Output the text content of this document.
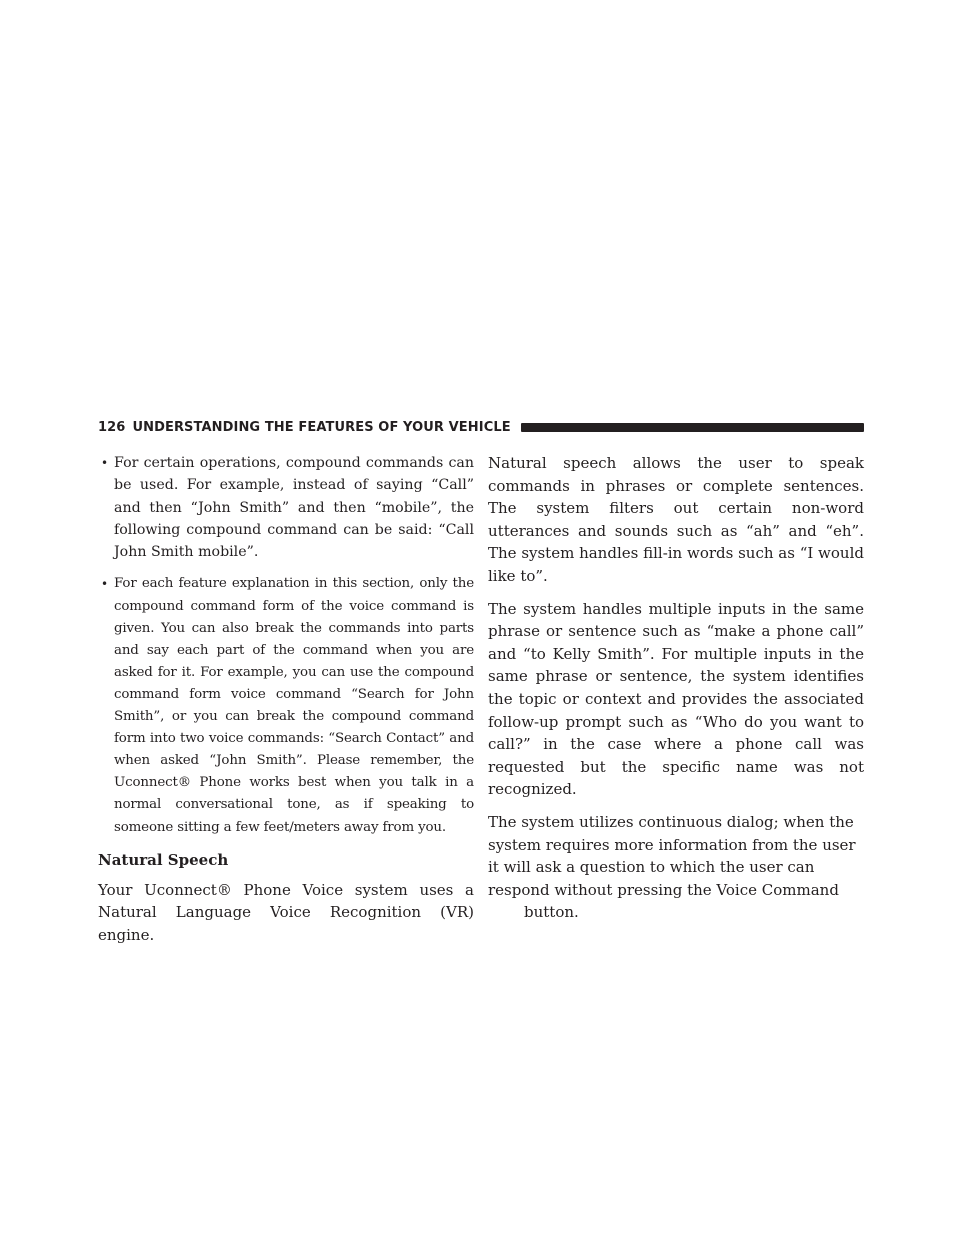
126 UNDERSTANDING THE FEATURES OF YOUR VEHICLE
• For certain operations, compound commands can be used. For example, instead of saying “Call” and then “John Smith” and then “mobile”, the following compound command can be said: “Call John Smith mobile”.
• For each feature explanation in this section, only the compound command form of the voice command is given. You can also break the commands into parts and say each part of the command when you are asked for it. For example, you can use the compound command form voice command “Search for John Smith”, or you can break the compound command form into two voice commands: “Search Contact” and when asked “John Smith”. Please remember, the Uconnect® Phone works best when you talk in a normal conversational tone, as if speaking to someone sitting a few feet/meters away from you.
Natural Speech

Your Uconnect® Phone Voice system uses a Natural Language Voice Recognition (VR) engine.

Natural speech allows the user to speak commands in phrases or complete sentences. The system filters out certain non-word utterances and sounds such as “ah” and “eh”. The system handles fill-in words such as “I would like to”.

The system handles multiple inputs in the same phrase or sentence such as “make a phone call” and “to Kelly Smith”. For multiple inputs in the same phrase or sentence, the system identifies the topic or context and provides the associated follow-up prompt such as “Who do you want to call?” in the case where a phone call was requested but the specific name was not recognized.

The system utilizes continuous dialog; when the system requires more information from the user it will ask a question to which the user can respond without pressing the Voice Commandbutton.
